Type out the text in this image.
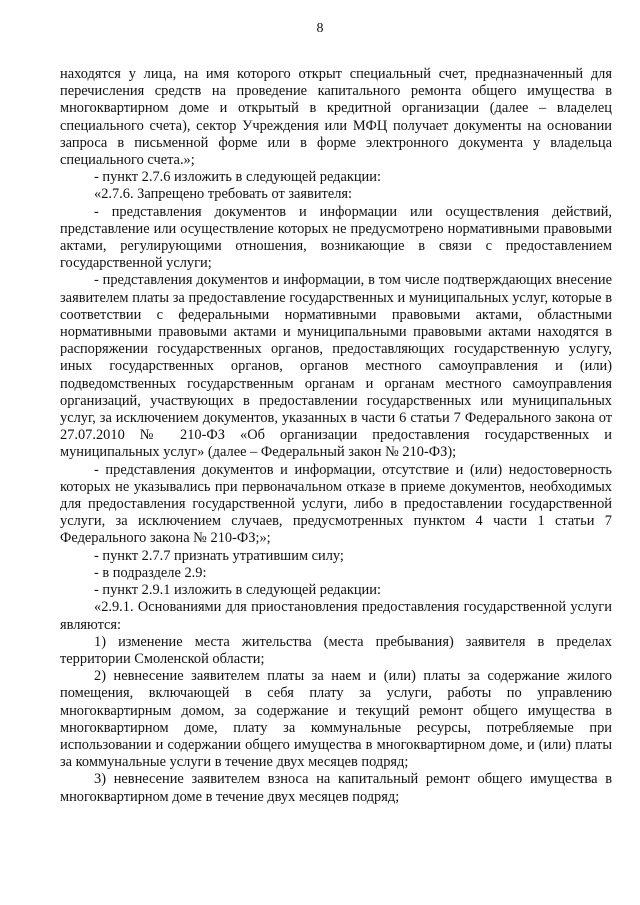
8

находятся у лица, на имя которого открыт специальный счет, предназначенный для перечисления средств на проведение капитального ремонта общего имущества в многоквартирном доме и открытый в кредитной организации (далее – владелец специального счета), сектор Учреждения или МФЦ получает документы на основании запроса в письменной форме или в форме электронного документа у владельца специального счета.»;

- пункт 2.7.6 изложить в следующей редакции:

«2.7.6. Запрещено требовать от заявителя:

- представления документов и информации или осуществления действий, представление или осуществление которых не предусмотрено нормативными правовыми актами, регулирующими отношения, возникающие в связи с предоставлением государственной услуги;

- представления документов и информации, в том числе подтверждающих внесение заявителем платы за предоставление государственных и муниципальных услуг, которые в соответствии с федеральными нормативными правовыми актами, областными нормативными правовыми актами и муниципальными правовыми актами находятся в распоряжении государственных органов, предоставляющих государственную услугу, иных государственных органов, органов местного самоуправления и (или) подведомственных государственным органам и органам местного самоуправления организаций, участвующих в предоставлении государственных или муниципальных услуг, за исключением документов, указанных в части 6 статьи 7 Федерального закона от 27.07.2010 № 210-ФЗ «Об организации предоставления государственных и муниципальных услуг» (далее – Федеральный закон № 210-ФЗ);

- представления документов и информации, отсутствие и (или) недостоверность которых не указывались при первоначальном отказе в приеме документов, необходимых для предоставления государственной услуги, либо в предоставлении государственной услуги, за исключением случаев, предусмотренных пунктом 4 части 1 статьи 7 Федерального закона № 210-ФЗ;»;

- пункт 2.7.7 признать утратившим силу;

- в подразделе 2.9:

- пункт 2.9.1 изложить в следующей редакции:

«2.9.1. Основаниями для приостановления предоставления государственной услуги являются:

1) изменение места жительства (места пребывания) заявителя в пределах территории Смоленской области;

2) невнесение заявителем платы за наем и (или) платы за содержание жилого помещения, включающей в себя плату за услуги, работы по управлению многоквартирным домом, за содержание и текущий ремонт общего имущества в многоквартирном доме, плату за коммунальные ресурсы, потребляемые при использовании и содержании общего имущества в многоквартирном доме, и (или) платы за коммунальные услуги в течение двух месяцев подряд;

3) невнесение заявителем взноса на капитальный ремонт общего имущества в многоквартирном доме в течение двух месяцев подряд;
